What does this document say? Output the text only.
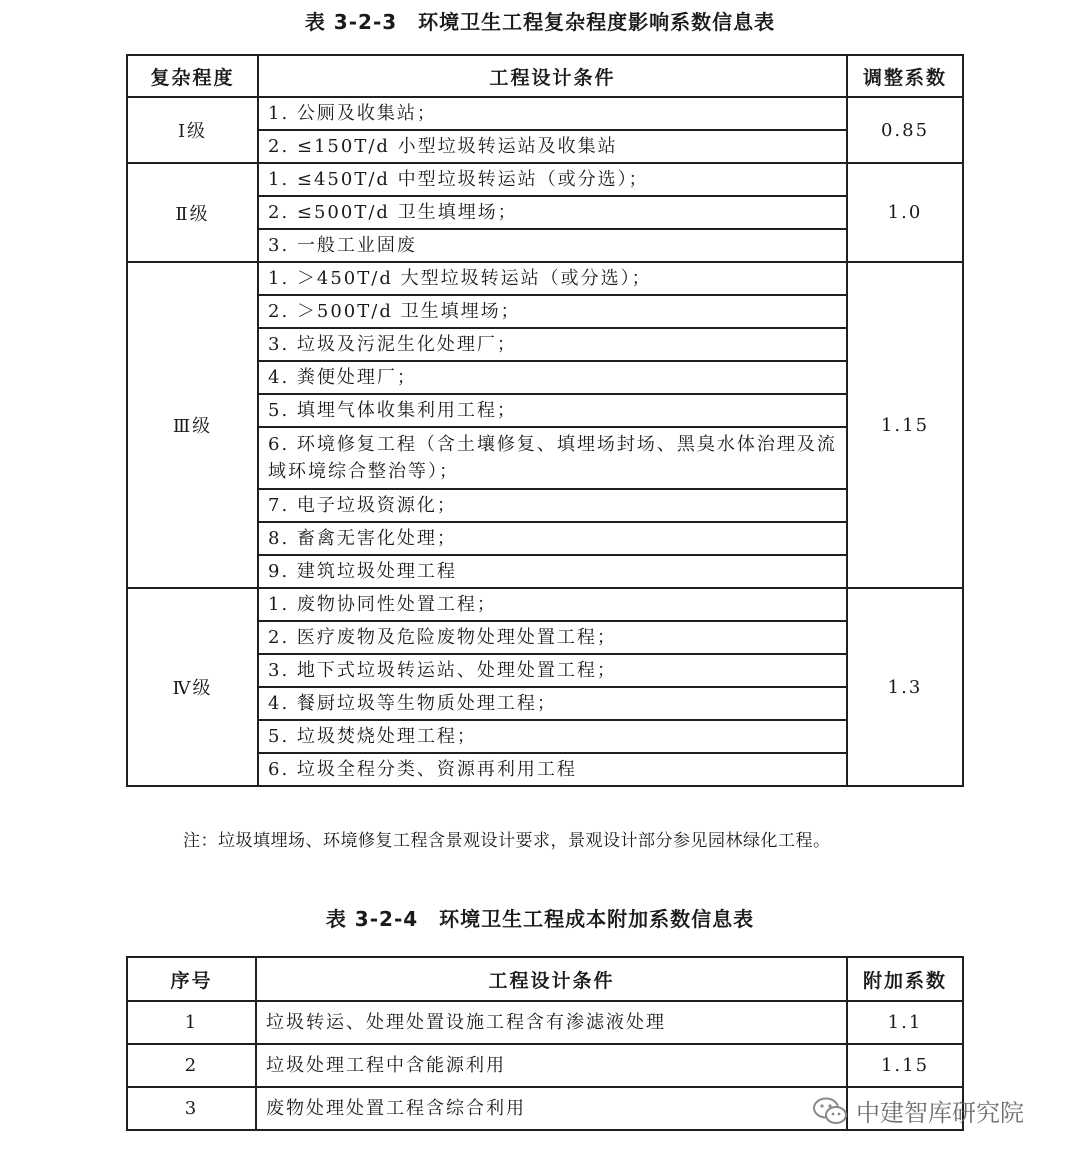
表 3-2-3　环境卫生工程复杂程度影响系数信息表
复杂程度	工程设计条件	调整系数
Ⅰ级	1. 公厕及收集站；	0.85
	2. ≤150T/d 小型垃圾转运站及收集站	
Ⅱ级	1. ≤450T/d 中型垃圾转运站（或分选）；	1.0
	2. ≤500T/d 卫生填埋场；	
	3. 一般工业固废	
Ⅲ级	1. ＞450T/d 大型垃圾转运站（或分选）；	1.15
	2. ＞500T/d 卫生填埋场；	
	3. 垃圾及污泥生化处理厂；	
	4. 粪便处理厂；	
	5. 填埋气体收集利用工程；	
	6. 环境修复工程（含土壤修复、填埋场封场、黑臭水体治理及流域环境综合整治等）；	
	7. 电子垃圾资源化；	
	8. 畜禽无害化处理；	
	9. 建筑垃圾处理工程	
Ⅳ级	1. 废物协同性处置工程；	1.3
	2. 医疗废物及危险废物处理处置工程；	
	3. 地下式垃圾转运站、处理处置工程；	
	4. 餐厨垃圾等生物质处理工程；	
	5. 垃圾焚烧处理工程；	
	6. 垃圾全程分类、资源再利用工程	
注：垃圾填埋场、环境修复工程含景观设计要求，景观设计部分参见园林绿化工程。
表 3-2-4　环境卫生工程成本附加系数信息表
序号	工程设计条件	附加系数
1	垃圾转运、处理处置设施工程含有渗滤液处理	1.1
2	垃圾处理工程中含能源利用	1.15
3	废物处理处置工程含综合利用		中建智库研究院
